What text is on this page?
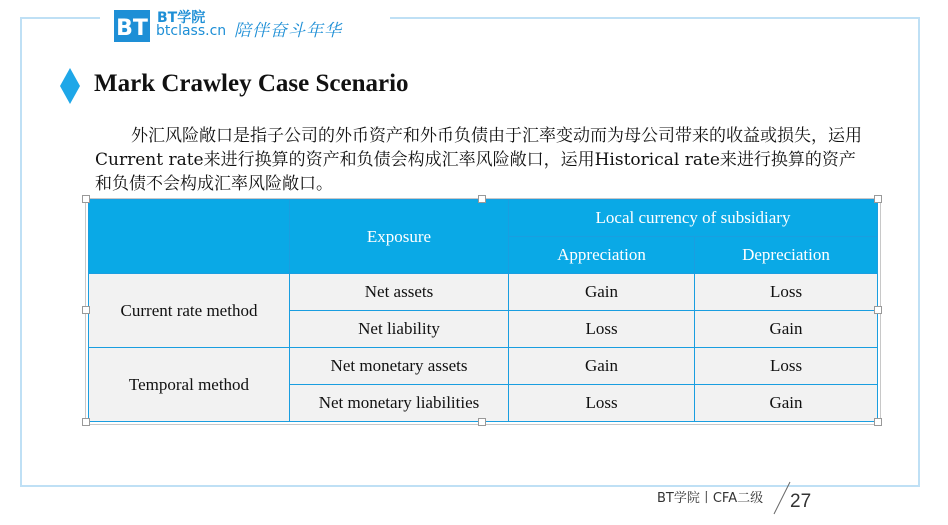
BT BT学院
btclass.cn 陪伴奋斗年华
Mark Crawley Case Scenario
外汇风险敞口是指子公司的外币资产和外币负债由于汇率变动而为母公司带来的收益或损失，运用Current rate来进行换算的资产和负债会构成汇率风险敞口，运用Historical rate来进行换算的资产和负债不会构成汇率风险敞口。
	Exposure	Local currency of subsidiary	
		Appreciation	Depreciation
Current rate method	Net assets	Gain	Loss
	Net liability	Loss	Gain
Temporal method	Net monetary assets	Gain	Loss
	Net monetary liabilities	Loss	Gain
BT学院丨CFA二级 27
